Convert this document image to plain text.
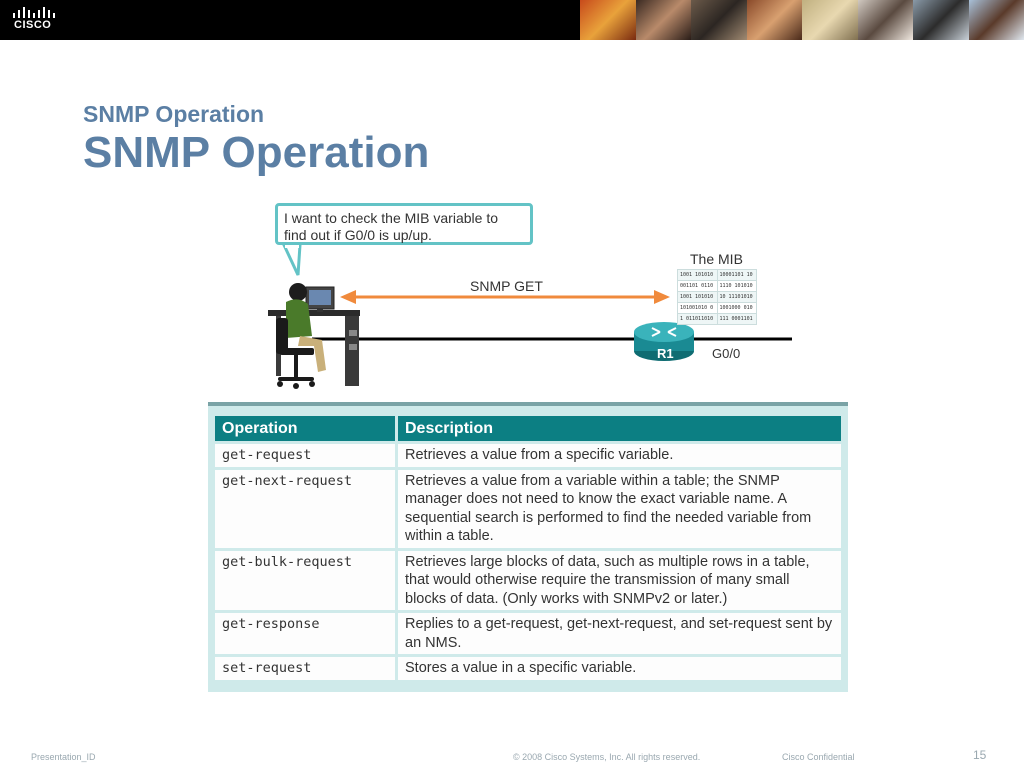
CISCO
SNMP Operation
SNMP Operation
I want to check the MIB variable to find out if G0/0 is up/up.
The MIB
1001 101010	10001101 10
001101 0110	1110 101010
1001 101010	10 11101010
101001010 0	1001000 010
1 011011010	111 0001101
SNMP GET
R1	G0/0
Operation	Description
get-request	Retrieves a value from a specific variable.
get-next-request	Retrieves a value from a variable within a table; the SNMP manager does not need to know the exact variable name. A sequential search is performed to find the needed variable from within a table.
get-bulk-request	Retrieves large blocks of data, such as multiple rows in a table, that would otherwise require the transmission of many small blocks of data. (Only works with SNMPv2 or later.)
get-response	Replies to a get-request, get-next-request, and set-request sent by an NMS.
set-request	Stores a value in a specific variable.
Presentation_ID	© 2008 Cisco Systems, Inc. All rights reserved.	Cisco Confidential	15
